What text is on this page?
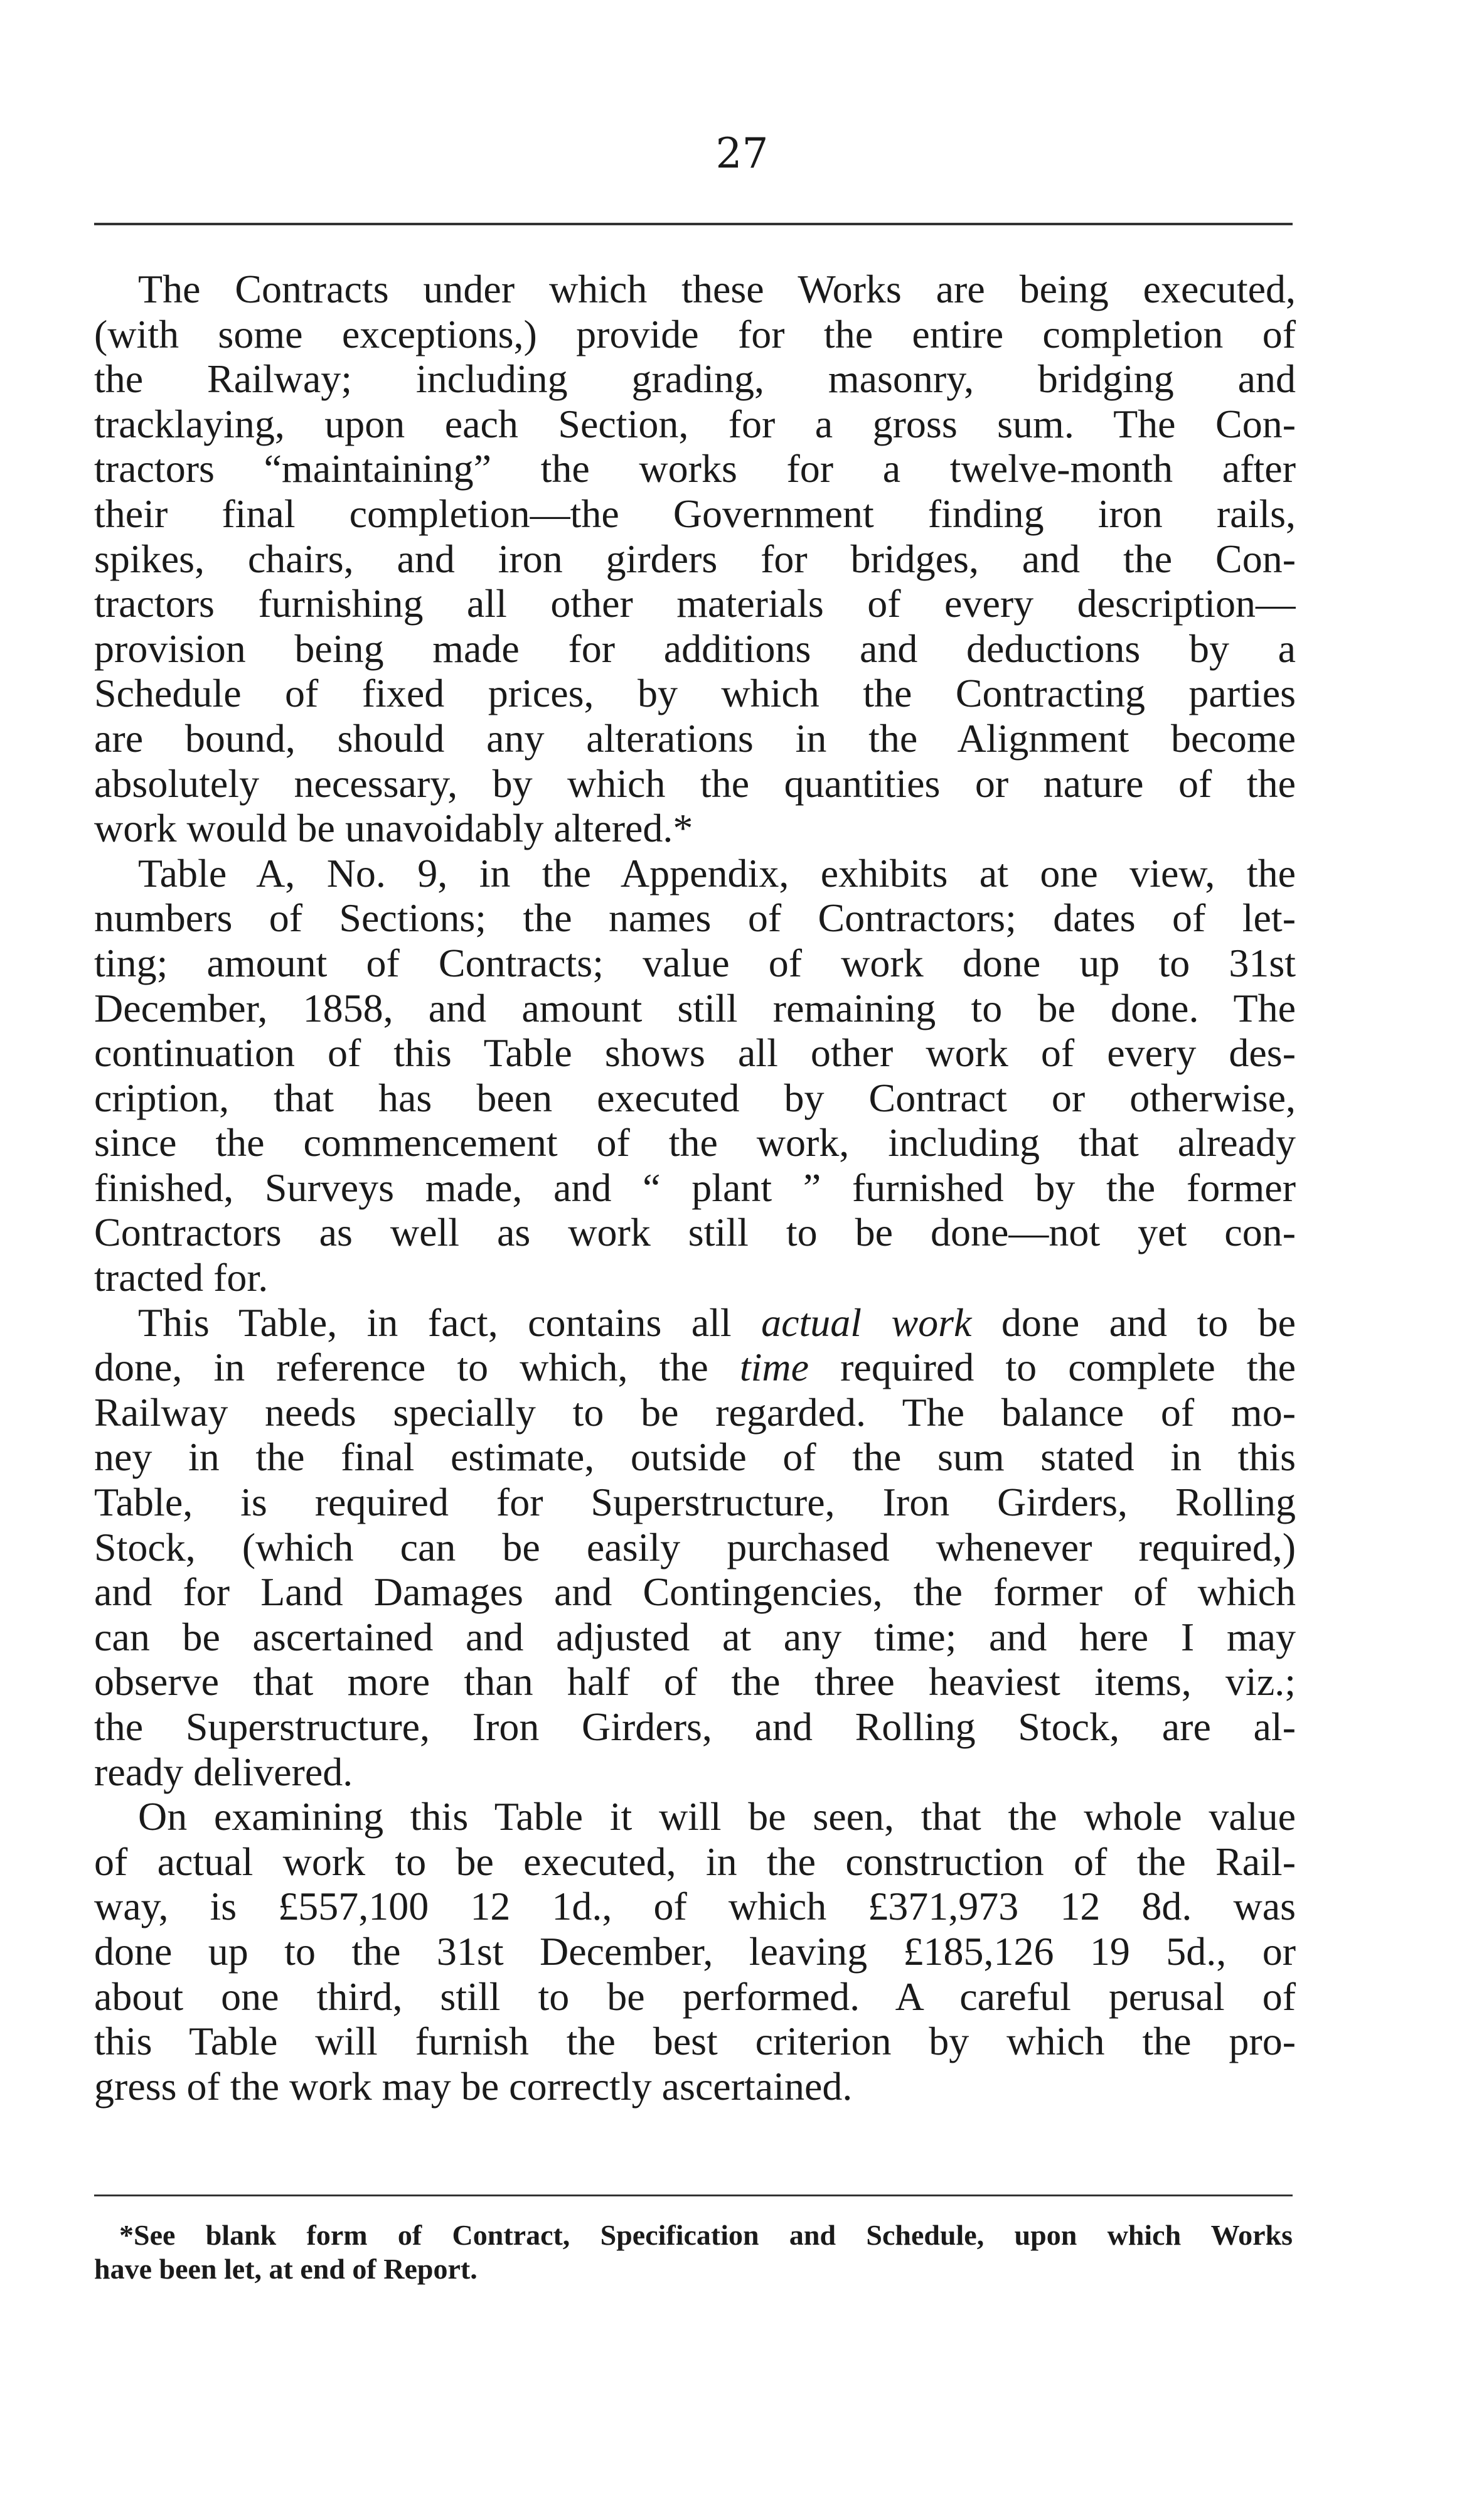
27

The Contracts under which these Works are being executed,
(with some exceptions,) provide for the entire completion of
the Railway; including grading, masonry, bridging and
tracklaying, upon each Section, for a gross sum. The Con-
tractors “maintaining” the works for a twelve-month after
their final completion—the Government finding iron rails,
spikes, chairs, and iron girders for bridges, and the Con-
tractors furnishing all other materials of every description—
provision being made for additions and deductions by a
Schedule of fixed prices, by which the Contracting parties
are bound, should any alterations in the Alignment become
absolutely necessary, by which the quantities or nature of the
work would be unavoidably altered.*

Table A, No. 9, in the Appendix, exhibits at one view, the
numbers of Sections; the names of Contractors; dates of let-
ting; amount of Contracts; value of work done up to 31st
December, 1858, and amount still remaining to be done. The
continuation of this Table shows all other work of every des-
cription, that has been executed by Contract or otherwise,
since the commencement of the work, including that already
finished, Surveys made, and “ plant ” furnished by the former
Contractors as well as work still to be done—not yet con-
tracted for.

This Table, in fact, contains all actual work done and to be
done, in reference to which, the time required to complete the
Railway needs specially to be regarded. The balance of mo-
ney in the final estimate, outside of the sum stated in this
Table, is required for Superstructure, Iron Girders, Rolling
Stock, (which can be easily purchased whenever required,)
and for Land Damages and Contingencies, the former of which
can be ascertained and adjusted at any time; and here I may
observe that more than half of the three heaviest items, viz.;
the Superstructure, Iron Girders, and Rolling Stock, are al-
ready delivered.

On examining this Table it will be seen, that the whole value
of actual work to be executed, in the construction of the Rail-
way, is £557,100 12 1d., of which £371,973 12 8d. was
done up to the 31st December, leaving £185,126 19 5d., or
about one third, still to be performed. A careful perusal of
this Table will furnish the best criterion by which the pro-
gress of the work may be correctly ascertained.

*See blank form of Contract, Specification and Schedule, upon which Works
have been let, at end of Report.
